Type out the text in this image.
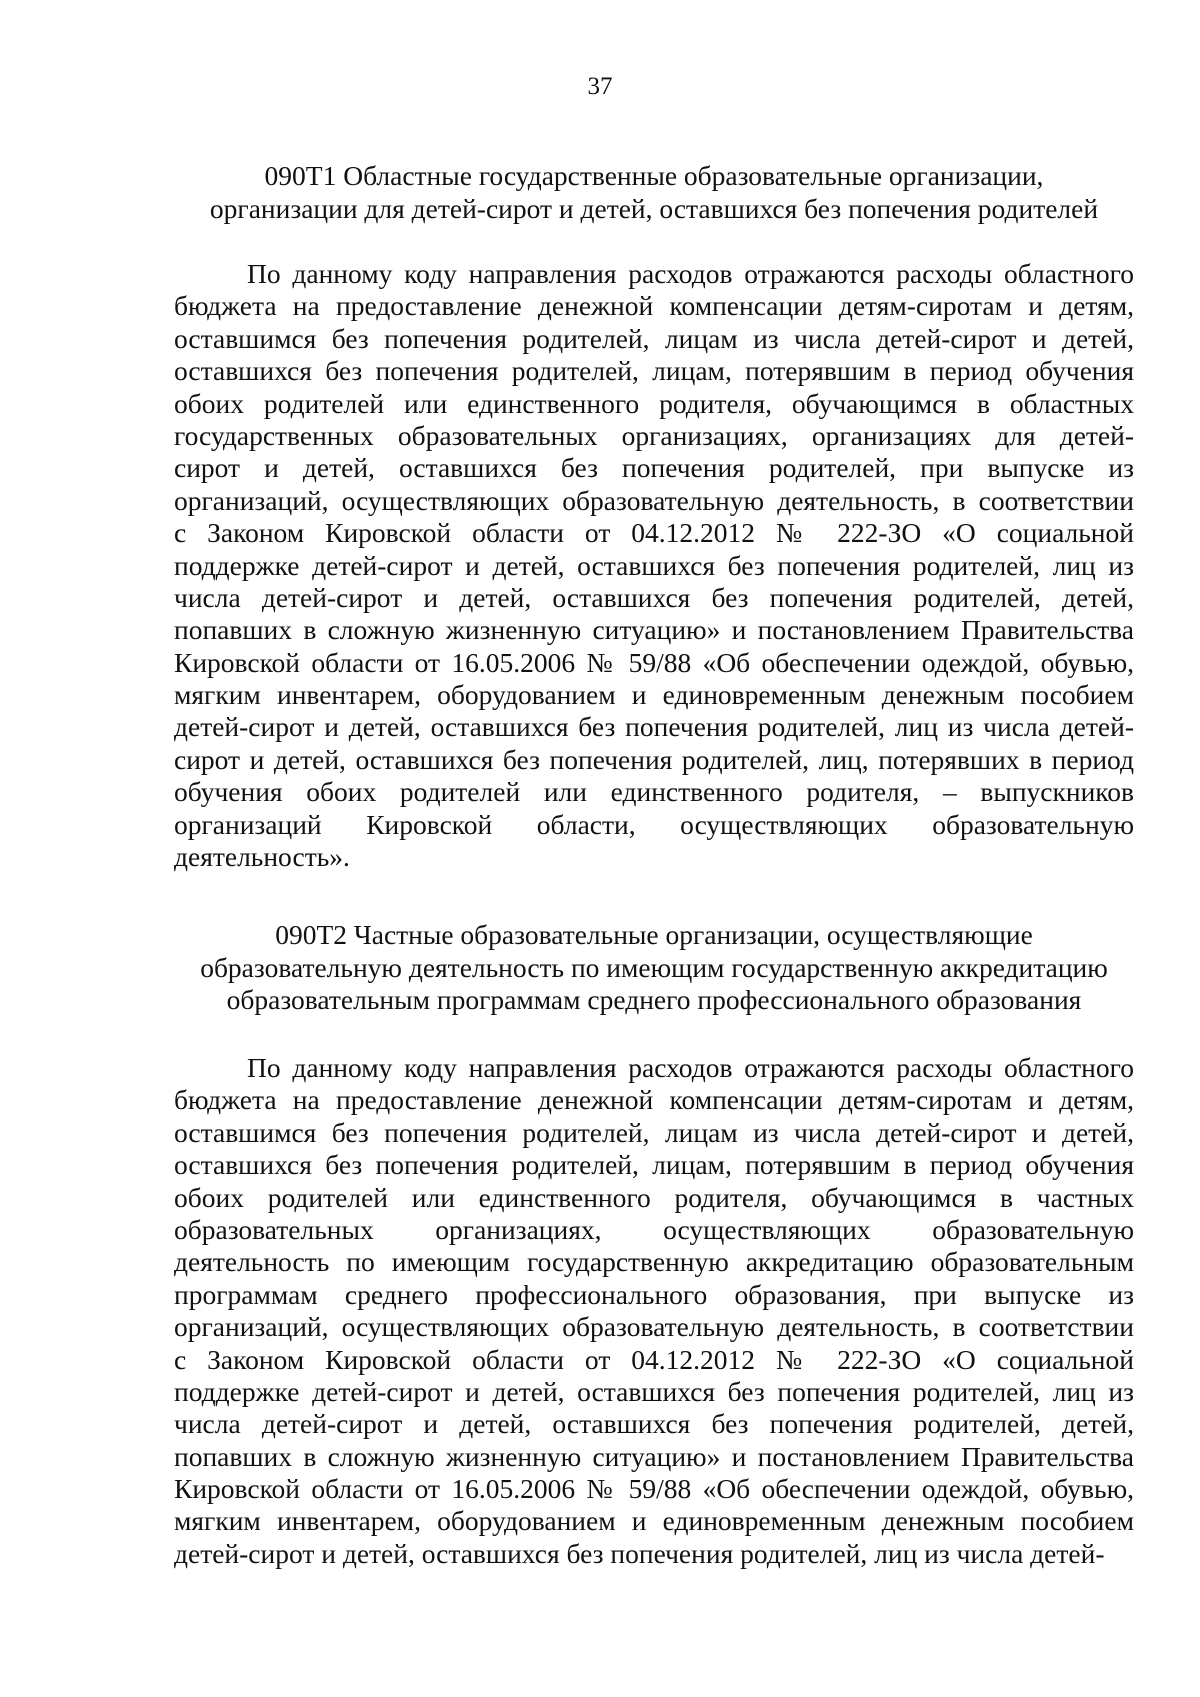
37
090Т1 Областные государственные образовательные организации,
организации для детей-сирот и детей, оставшихся без попечения родителей
По данному коду направления расходов отражаются расходы областного
бюджета на предоставление денежной компенсации детям-сиротам и детям,
оставшимся без попечения родителей, лицам из числа детей-сирот и детей,
оставшихся без попечения родителей, лицам, потерявшим в период обучения
обоих родителей или единственного родителя, обучающимся в областных
государственных образовательных организациях, организациях для детей-
сирот и детей, оставшихся без попечения родителей, при выпуске из
организаций, осуществляющих образовательную деятельность, в соответствии
с Законом Кировской области от 04.12.2012 № 222-ЗО «О социальной
поддержке детей-сирот и детей, оставшихся без попечения родителей, лиц из
числа детей-сирот и детей, оставшихся без попечения родителей, детей,
попавших в сложную жизненную ситуацию» и постановлением Правительства
Кировской области от 16.05.2006 № 59/88 «Об обеспечении одеждой, обувью,
мягким инвентарем, оборудованием и единовременным денежным пособием
детей-сирот и детей, оставшихся без попечения родителей, лиц из числа детей-
сирот и детей, оставшихся без попечения родителей, лиц, потерявших в период
обучения обоих родителей или единственного родителя, – выпускников
организаций Кировской области, осуществляющих образовательную
деятельность».
090Т2 Частные образовательные организации, осуществляющие
образовательную деятельность по имеющим государственную аккредитацию
образовательным программам среднего профессионального образования
По данному коду направления расходов отражаются расходы областного
бюджета на предоставление денежной компенсации детям-сиротам и детям,
оставшимся без попечения родителей, лицам из числа детей-сирот и детей,
оставшихся без попечения родителей, лицам, потерявшим в период обучения
обоих родителей или единственного родителя, обучающимся в частных
образовательных организациях, осуществляющих образовательную
деятельность по имеющим государственную аккредитацию образовательным
программам среднего профессионального образования, при выпуске из
организаций, осуществляющих образовательную деятельность, в соответствии
с Законом Кировской области от 04.12.2012 № 222-ЗО «О социальной
поддержке детей-сирот и детей, оставшихся без попечения родителей, лиц из
числа детей-сирот и детей, оставшихся без попечения родителей, детей,
попавших в сложную жизненную ситуацию» и постановлением Правительства
Кировской области от 16.05.2006 № 59/88 «Об обеспечении одеждой, обувью,
мягким инвентарем, оборудованием и единовременным денежным пособием
детей-сирот и детей, оставшихся без попечения родителей, лиц из числа детей-
